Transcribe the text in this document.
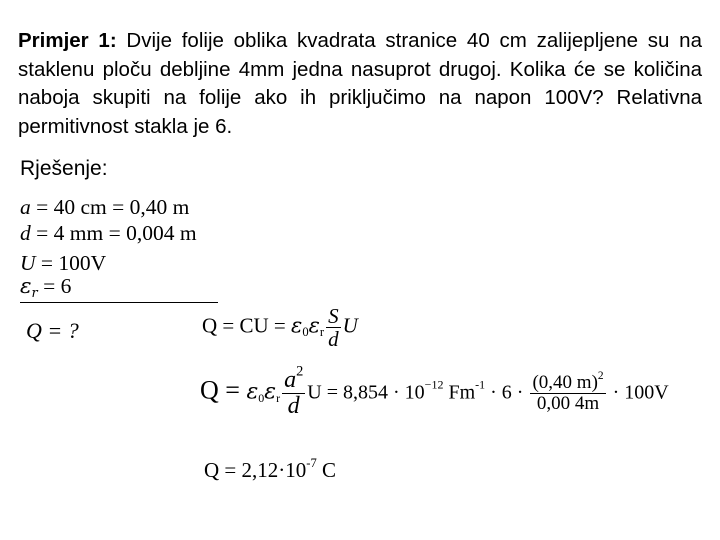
Primjer 1: Dvije folije oblika kvadrata stranice 40 cm zalijepljene su na staklenu ploču debljine 4mm jedna nasuprot drugoj. Kolika će se količina naboja skupiti na folije ako ih priključimo na napon 100V? Relativna permitivnost stakla je 6.
Rješenje:
a = 40 cm = 0,40 m
d = 4 mm = 0,004 m
U = 100V
$\varepsilon_r = 6$
Q = ?	Q = CU = $\varepsilon_0\varepsilon_r \frac{S}{d}$ U
$Q = \varepsilon_0\varepsilon_r \frac{a^2}{d}$ $U = 8,854 \cdot 10^{-12}$ $Fm^{-1} \cdot 6 \cdot \frac{(0,40 m)^2}{0,00 4m} \cdot 100V$
$Q = 2,12\cdot 10^{-7}$ C
